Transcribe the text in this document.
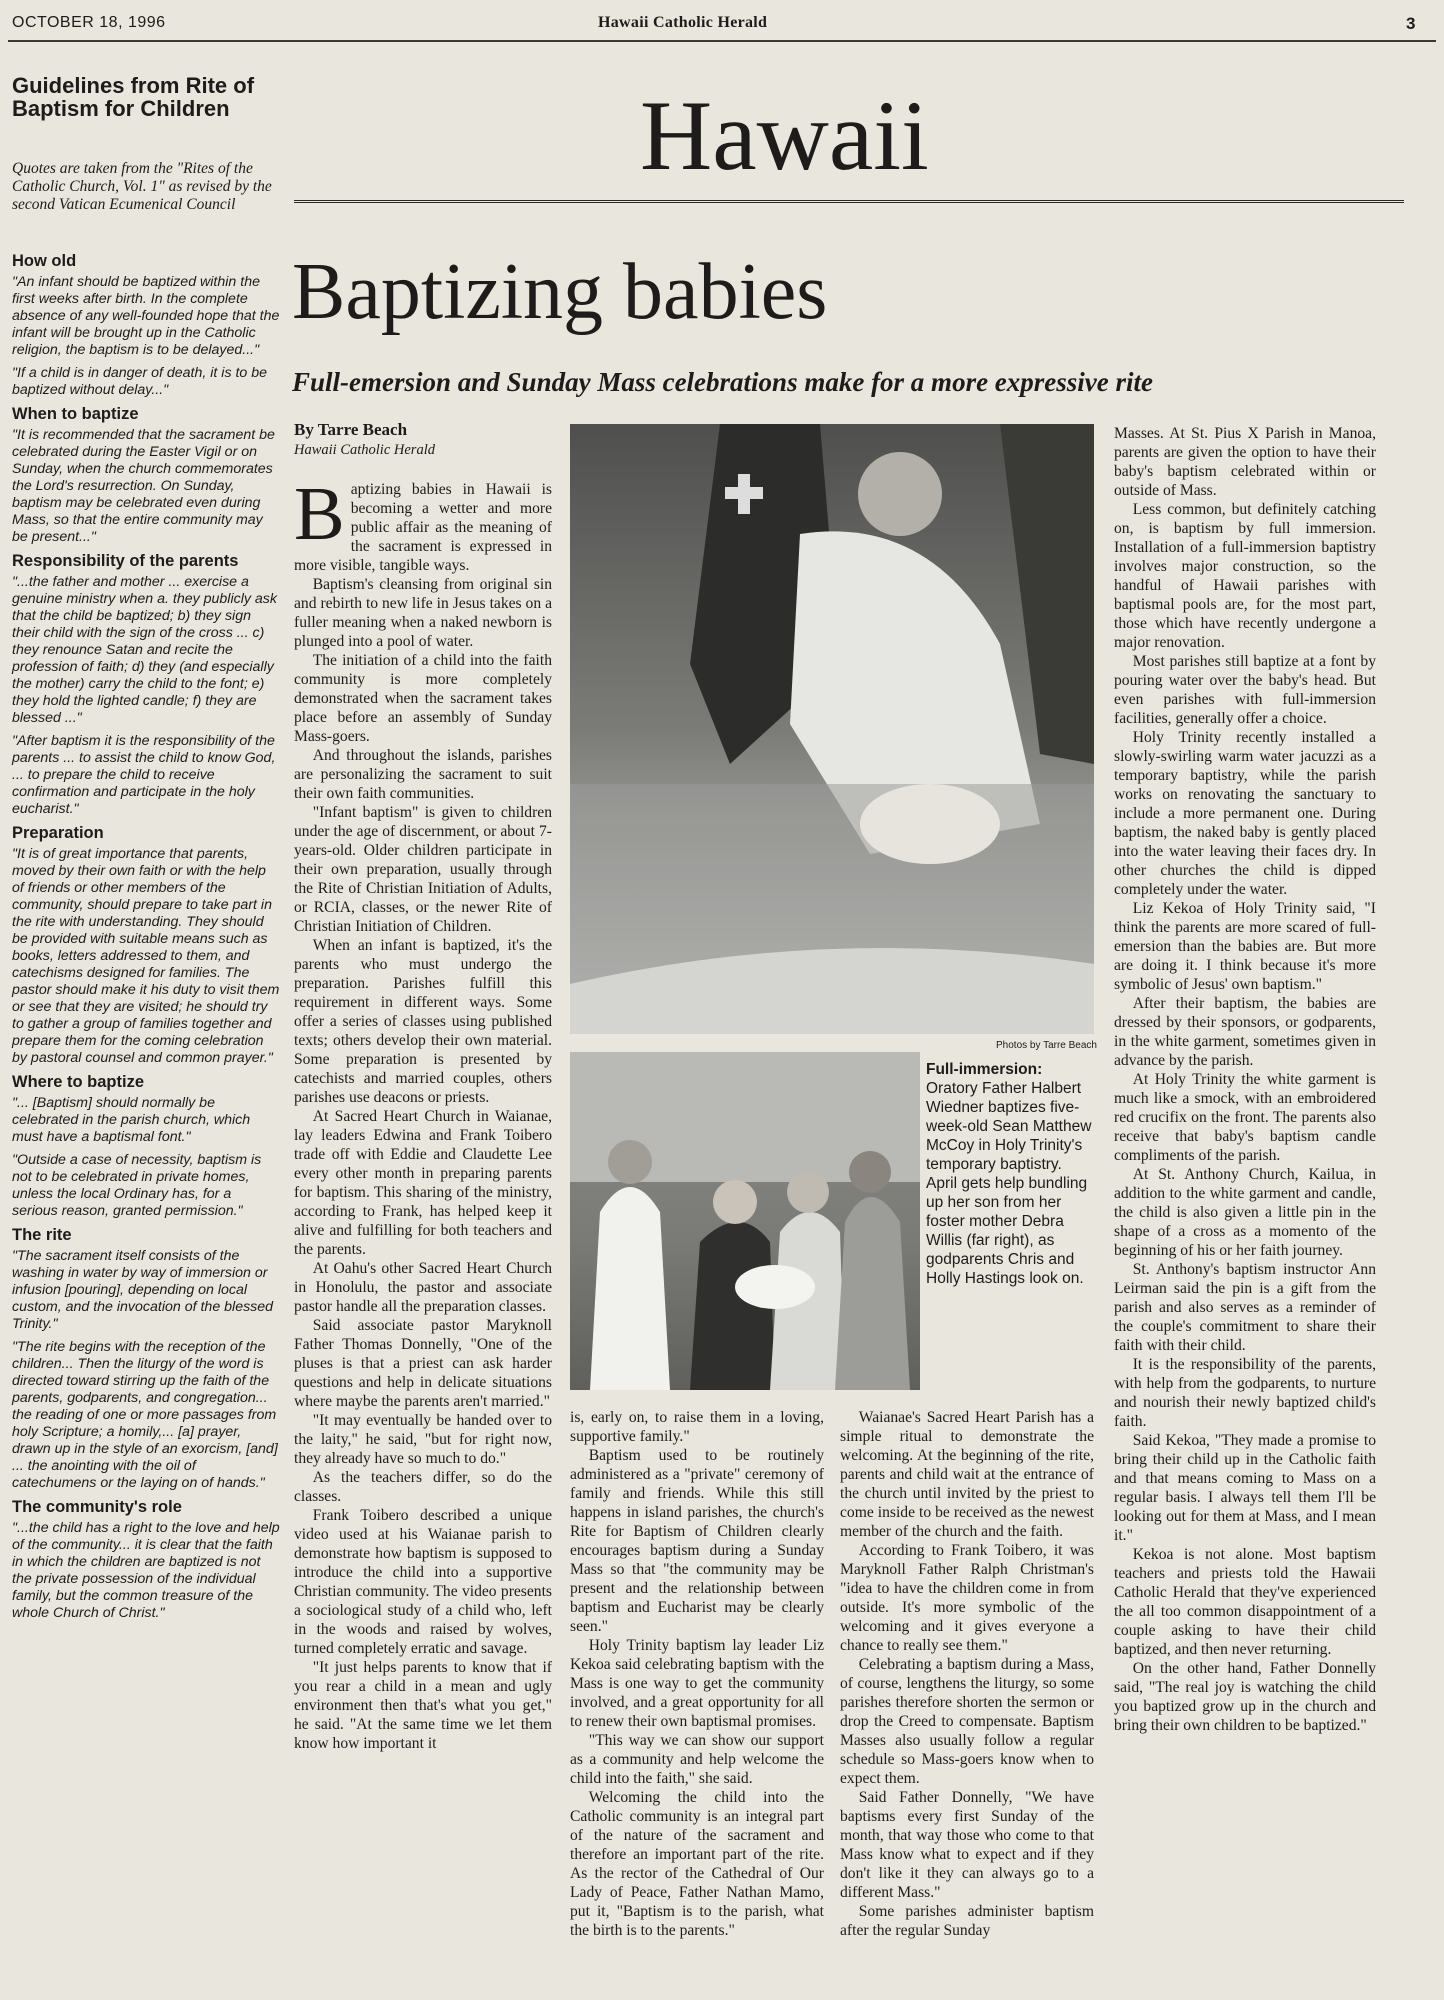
OCTOBER 18, 1996	Hawaii Catholic Herald	3
Guidelines from Rite of Baptism for Children

Quotes are taken from the "Rites of the Catholic Church, Vol. 1" as revised by the second Vatican Ecumenical Council

How old

"An infant should be baptized within the first weeks after birth. In the complete absence of any well-founded hope that the infant will be brought up in the Catholic religion, the baptism is to be delayed..."

"If a child is in danger of death, it is to be baptized without delay..."

When to baptize

"It is recommended that the sacrament be celebrated during the Easter Vigil or on Sunday, when the church commemorates the Lord's resurrection. On Sunday, baptism may be celebrated even during Mass, so that the entire community may be present..."

Responsibility of the parents

"...the father and mother ... exercise a genuine ministry when a. they publicly ask that the child be baptized; b) they sign their child with the sign of the cross ... c) they renounce Satan and recite the profession of faith; d) they (and especially the mother) carry the child to the font; e) they hold the lighted candle; f) they are blessed ..."

"After baptism it is the responsibility of the parents ... to assist the child to know God, ... to prepare the child to receive confirmation and participate in the holy eucharist."

Preparation

"It is of great importance that parents, moved by their own faith or with the help of friends or other members of the community, should prepare to take part in the rite with understanding. They should be provided with suitable means such as books, letters addressed to them, and catechisms designed for families. The pastor should make it his duty to visit them or see that they are visited; he should try to gather a group of families together and prepare them for the coming celebration by pastoral counsel and common prayer."

Where to baptize

"... [Baptism] should normally be celebrated in the parish church, which must have a baptismal font."

"Outside a case of necessity, baptism is not to be celebrated in private homes, unless the local Ordinary has, for a serious reason, granted permission."

The rite

"The sacrament itself consists of the washing in water by way of immersion or infusion [pouring], depending on local custom, and the invocation of the blessed Trinity."

"The rite begins with the reception of the children... Then the liturgy of the word is directed toward stirring up the faith of the parents, godparents, and congregation... the reading of one or more passages from holy Scripture; a homily,... [a] prayer, drawn up in the style of an exorcism, [and] ... the anointing with the oil of catechumens or the laying on of hands."

The community's role

"...the child has a right to the love and help of the community... it is clear that the faith in which the children are baptized is not the private possession of the individual family, but the common treasure of the whole Church of Christ."

Hawaii
Baptizing babies
Full-emersion and Sunday Mass celebrations make for a more expressive rite
By Tarre Beach
Hawaii Catholic Herald

Baptizing babies in Hawaii is becoming a wetter and more public affair as the meaning of the sacrament is expressed in more visible, tangible ways.

Baptism's cleansing from original sin and rebirth to new life in Jesus takes on a fuller meaning when a naked newborn is plunged into a pool of water.

The initiation of a child into the faith community is more completely demonstrated when the sacrament takes place before an assembly of Sunday Mass-goers.

And throughout the islands, parishes are personalizing the sacrament to suit their own faith communities.

"Infant baptism" is given to children under the age of discernment, or about 7-years-old. Older children participate in their own preparation, usually through the Rite of Christian Initiation of Adults, or RCIA, classes, or the newer Rite of Christian Initiation of Children.

When an infant is baptized, it's the parents who must undergo the preparation. Parishes fulfill this requirement in different ways. Some offer a series of classes using published texts; others develop their own material. Some preparation is presented by catechists and married couples, others parishes use deacons or priests.

At Sacred Heart Church in Waianae, lay leaders Edwina and Frank Toibero trade off with Eddie and Claudette Lee every other month in preparing parents for baptism. This sharing of the ministry, according to Frank, has helped keep it alive and fulfilling for both teachers and the parents.

At Oahu's other Sacred Heart Church in Honolulu, the pastor and associate pastor handle all the preparation classes.

Said associate pastor Maryknoll Father Thomas Donnelly, "One of the pluses is that a priest can ask harder questions and help in delicate situations where maybe the parents aren't married."

"It may eventually be handed over to the laity," he said, "but for right now, they already have so much to do."

As the teachers differ, so do the classes.

Frank Toibero described a unique video used at his Waianae parish to demonstrate how baptism is supposed to introduce the child into a supportive Christian community. The video presents a sociological study of a child who, left in the woods and raised by wolves, turned completely erratic and savage.

"It just helps parents to know that if you rear a child in a mean and ugly environment then that's what you get," he said. "At the same time we let them know how important it

Photos by Tarre Beach
Full-immersion: Oratory Father Halbert Wiedner baptizes five-week-old Sean Matthew McCoy in Holy Trinity's temporary baptistry. April gets help bundling up her son from her foster mother Debra Willis (far right), as godparents Chris and Holly Hastings look on.

is, early on, to raise them in a loving, supportive family."

Baptism used to be routinely administered as a "private" ceremony of family and friends. While this still happens in island parishes, the church's Rite for Baptism of Children clearly encourages baptism during a Sunday Mass so that "the community may be present and the relationship between baptism and Eucharist may be clearly seen."

Holy Trinity baptism lay leader Liz Kekoa said celebrating baptism with the Mass is one way to get the community involved, and a great opportunity for all to renew their own baptismal promises.

"This way we can show our support as a community and help welcome the child into the faith," she said.

Welcoming the child into the Catholic community is an integral part of the nature of the sacrament and therefore an important part of the rite. As the rector of the Cathedral of Our Lady of Peace, Father Nathan Mamo, put it, "Baptism is to the parish, what the birth is to the parents."

Waianae's Sacred Heart Parish has a simple ritual to demonstrate the welcoming. At the beginning of the rite, parents and child wait at the entrance of the church until invited by the priest to come inside to be received as the newest member of the church and the faith.

According to Frank Toibero, it was Maryknoll Father Ralph Christman's "idea to have the children come in from outside. It's more symbolic of the welcoming and it gives everyone a chance to really see them."

Celebrating a baptism during a Mass, of course, lengthens the liturgy, so some parishes therefore shorten the sermon or drop the Creed to compensate. Baptism Masses also usually follow a regular schedule so Mass-goers know when to expect them.

Said Father Donnelly, "We have baptisms every first Sunday of the month, that way those who come to that Mass know what to expect and if they don't like it they can always go to a different Mass."

Some parishes administer baptism after the regular Sunday

Masses. At St. Pius X Parish in Manoa, parents are given the option to have their baby's baptism celebrated within or outside of Mass.

Less common, but definitely catching on, is baptism by full immersion. Installation of a full-immersion baptistry involves major construction, so the handful of Hawaii parishes with baptismal pools are, for the most part, those which have recently undergone a major renovation.

Most parishes still baptize at a font by pouring water over the baby's head. But even parishes with full-immersion facilities, generally offer a choice.

Holy Trinity recently installed a slowly-swirling warm water jacuzzi as a temporary baptistry, while the parish works on renovating the sanctuary to include a more permanent one. During baptism, the naked baby is gently placed into the water leaving their faces dry. In other churches the child is dipped completely under the water.

Liz Kekoa of Holy Trinity said, "I think the parents are more scared of full-emersion than the babies are. But more are doing it. I think because it's more symbolic of Jesus' own baptism."

After their baptism, the babies are dressed by their sponsors, or godparents, in the white garment, sometimes given in advance by the parish.

At Holy Trinity the white garment is much like a smock, with an embroidered red crucifix on the front. The parents also receive that baby's baptism candle compliments of the parish.

At St. Anthony Church, Kailua, in addition to the white garment and candle, the child is also given a little pin in the shape of a cross as a momento of the beginning of his or her faith journey.

St. Anthony's baptism instructor Ann Leirman said the pin is a gift from the parish and also serves as a reminder of the couple's commitment to share their faith with their child.

It is the responsibility of the parents, with help from the godparents, to nurture and nourish their newly baptized child's faith.

Said Kekoa, "They made a promise to bring their child up in the Catholic faith and that means coming to Mass on a regular basis. I always tell them I'll be looking out for them at Mass, and I mean it."

Kekoa is not alone. Most baptism teachers and priests told the Hawaii Catholic Herald that they've experienced the all too common disappointment of a couple asking to have their child baptized, and then never returning.

On the other hand, Father Donnelly said, "The real joy is watching the child you baptized grow up in the church and bring their own children to be baptized."
